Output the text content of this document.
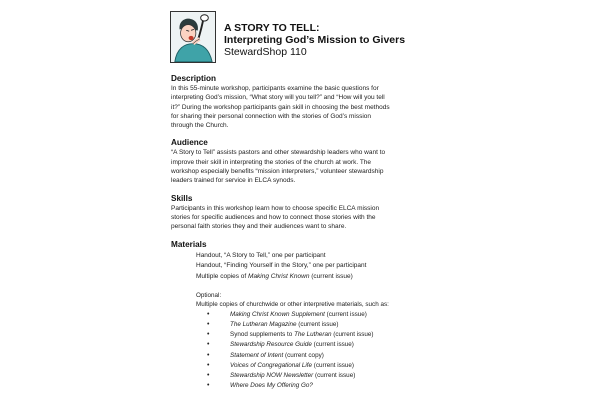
A STORY TO TELL:
Interpreting God’s Mission to Givers
StewardShop 110
Description

In this 55-minute workshop, participants examine the basic questions for

interpreting God’s mission, “What story will you tell?” and “How will you tell

it?” During the workshop participants gain skill in choosing the best methods

for sharing their personal connection with the stories of God’s mission

through the Church.

Audience

“A Story to Tell” assists pastors and other stewardship leaders who want to

improve their skill in interpreting the stories of the church at work. The

workshop especially benefits “mission interpreters,” volunteer stewardship

leaders trained for service in ELCA synods.

Skills

Participants in this workshop learn how to choose specific ELCA mission

stories for specific audiences and how to connect those stories with the

personal faith stories they and their audiences want to share.

Materials
Handout, “A Story to Tell,” one per participant
Handout, “Finding Yourself in the Story,” one per participant
Multiple copies of Making Christ Known (current issue)
Optional:
Multiple copies of churchwide or other interpretive materials, such as:
•	Making Christ Known Supplement (current issue)
•	The Lutheran Magazine (current issue)
•	Synod supplements to The Lutheran (current issue)
•	Stewardship Resource Guide (current issue)
•	Statement of Intent (current copy)
•	Voices of Congregational Life (current issue)
•	Stewardship NOW Newsletter (current issue)
•	Where Does My Offering Go?
